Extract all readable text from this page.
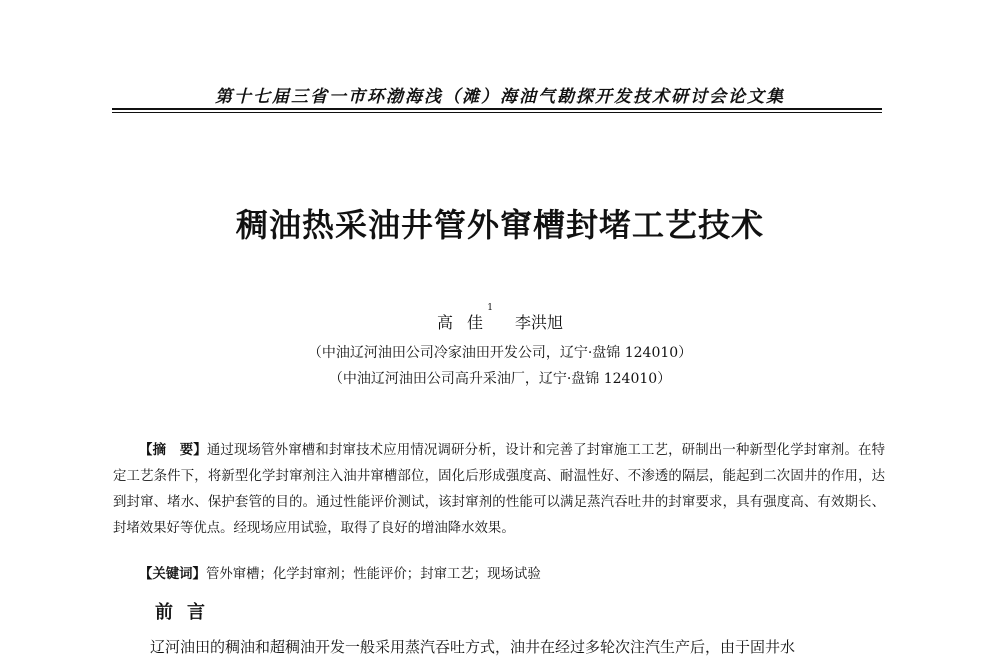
第十七届三省一市环渤海浅（滩）海油气勘探开发技术研讨会论文集
稠油热采油井管外窜槽封堵工艺技术
高佳
1
李洪旭
（中油辽河油田公司冷家油田开发公司，辽宁·盘锦 124010）
（中油辽河油田公司高升采油厂，辽宁·盘锦 124010）
【摘　要】通过现场管外窜槽和封窜技术应用情况调研分析，设计和完善了封窜施工工艺，研制出一种新型化学封窜剂。在特定工艺条件下，将新型化学封窜剂注入油井窜槽部位，固化后形成强度高、耐温性好、不渗透的隔层，能起到二次固井的作用，达到封窜、堵水、保护套管的目的。通过性能评价测试，该封窜剂的性能可以满足蒸汽吞吐井的封窜要求，具有强度高、有效期长、封堵效果好等优点。经现场应用试验，取得了良好的增油降水效果。
【关键词】管外窜槽；化学封窜剂；性能评价；封窜工艺；现场试验
前言
辽河油田的稠油和超稠油开发一般采用蒸汽吞吐方式，油井在经过多轮次注汽生产后，由于固井水
